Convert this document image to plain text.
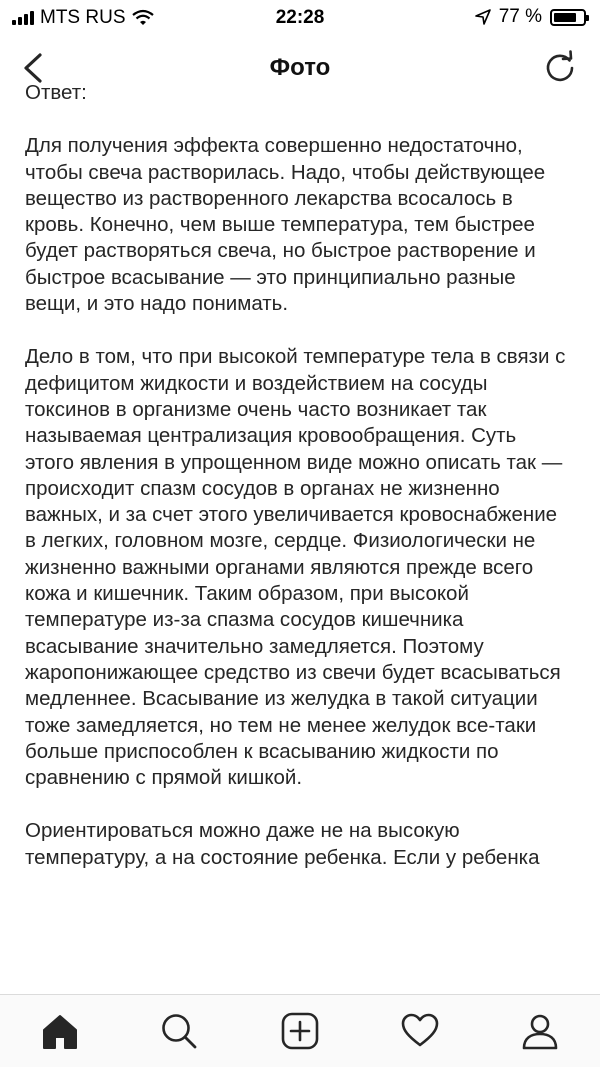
MTS RUS	22:28	77 %
Фото

Ответ:

Для получения эффекта совершенно недостаточно, чтобы свеча растворилась. Надо, чтобы действующее вещество из растворенного лекарства всосалось в кровь. Конечно, чем выше температура, тем быстрее будет растворяться свеча, но быстрое растворение и быстрое всасывание — это принципиально разные вещи, и это надо понимать.

Дело в том, что при высокой температуре тела в связи с дефицитом жидкости и воздействием на сосуды токсинов в организме очень часто возникает так называемая централизация кровообращения. Суть этого явления в упрощенном виде можно описать так — происходит спазм сосудов в органах не жизненно важных, и за счет этого увеличивается кровоснабжение в легких, головном мозге, сердце. Физиологически не жизненно важными органами являются прежде всего кожа и кишечник. Таким образом, при высокой температуре из-за спазма сосудов кишечника всасывание значительно замедляется. Поэтому жаропонижающее средство из свечи будет всасываться медленнее. Всасывание из желудка в такой ситуации тоже замедляется, но тем не менее желудок все-таки больше приспособлен к всасыванию жидкости по сравнению с прямой кишкой.

Ориентироваться можно даже не на высокую температуру, а на состояние ребенка. Если у ребенка
